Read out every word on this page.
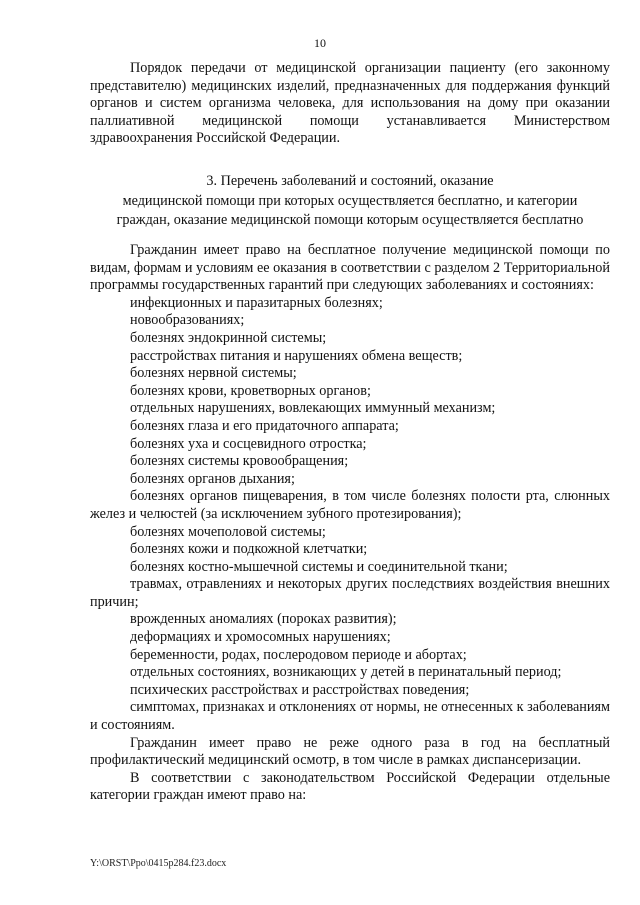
10

Порядок передачи от медицинской организации пациенту (его законному представителю) медицинских изделий, предназначенных для поддержания функций органов и систем организма человека, для использования на дому при оказании паллиативной медицинской помощи устанавливается Министерством здравоохранения Российской Федерации.

3. Перечень заболеваний и состояний, оказание
медицинской помощи при которых осуществляется бесплатно, и категории
граждан, оказание медицинской помощи которым осуществляется бесплатно

Гражданин имеет право на бесплатное получение медицинской помощи по видам, формам и условиям ее оказания в соответствии с разделом 2 Территориальной программы государственных гарантий при следующих заболеваниях и состояниях:

инфекционных и паразитарных болезнях;
новообразованиях;
болезнях эндокринной системы;
расстройствах питания и нарушениях обмена веществ;
болезнях нервной системы;
болезнях крови, кроветворных органов;
отдельных нарушениях, вовлекающих иммунный механизм;
болезнях глаза и его придаточного аппарата;
болезнях уха и сосцевидного отростка;
болезнях системы кровообращения;
болезнях органов дыхания;
болезнях органов пищеварения, в том числе болезнях полости рта, слюнных желез и челюстей (за исключением зубного протезирования);
болезнях мочеполовой системы;
болезнях кожи и подкожной клетчатки;
болезнях костно-мышечной системы и соединительной ткани;
травмах, отравлениях и некоторых других последствиях воздействия внешних причин;
врожденных аномалиях (пороках развития);
деформациях и хромосомных нарушениях;
беременности, родах, послеродовом периоде и абортах;
отдельных состояниях, возникающих у детей в перинатальный период;
психических расстройствах и расстройствах поведения;
симптомах, признаках и отклонениях от нормы, не отнесенных к заболеваниям и состояниям.

Гражданин имеет право не реже одного раза в год на бесплатный профилактический медицинский осмотр, в том числе в рамках диспансеризации.

В соответствии с законодательством Российской Федерации отдельные категории граждан имеют право на:

Y:\ORST\Ppo\0415p284.f23.docx
